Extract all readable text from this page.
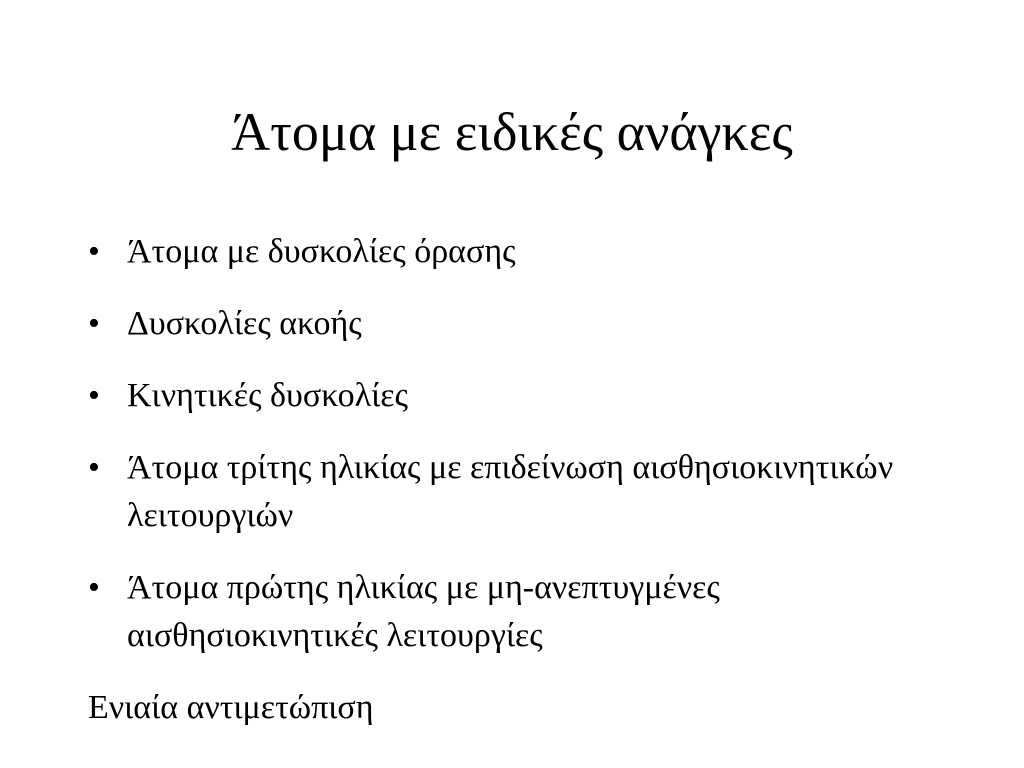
Άτομα με ειδικές ανάγκες
• Άτομα με δυσκολίες όρασης
• Δυσκολίες ακοής
• Κινητικές δυσκολίες
• Άτομα τρίτης ηλικίας με επιδείνωση αισθησιοκινητικών λειτουργιών
• Άτομα πρώτης ηλικίας με μη-ανεπτυγμένες αισθησιοκινητικές λειτουργίες

Ενιαία αντιμετώπιση
